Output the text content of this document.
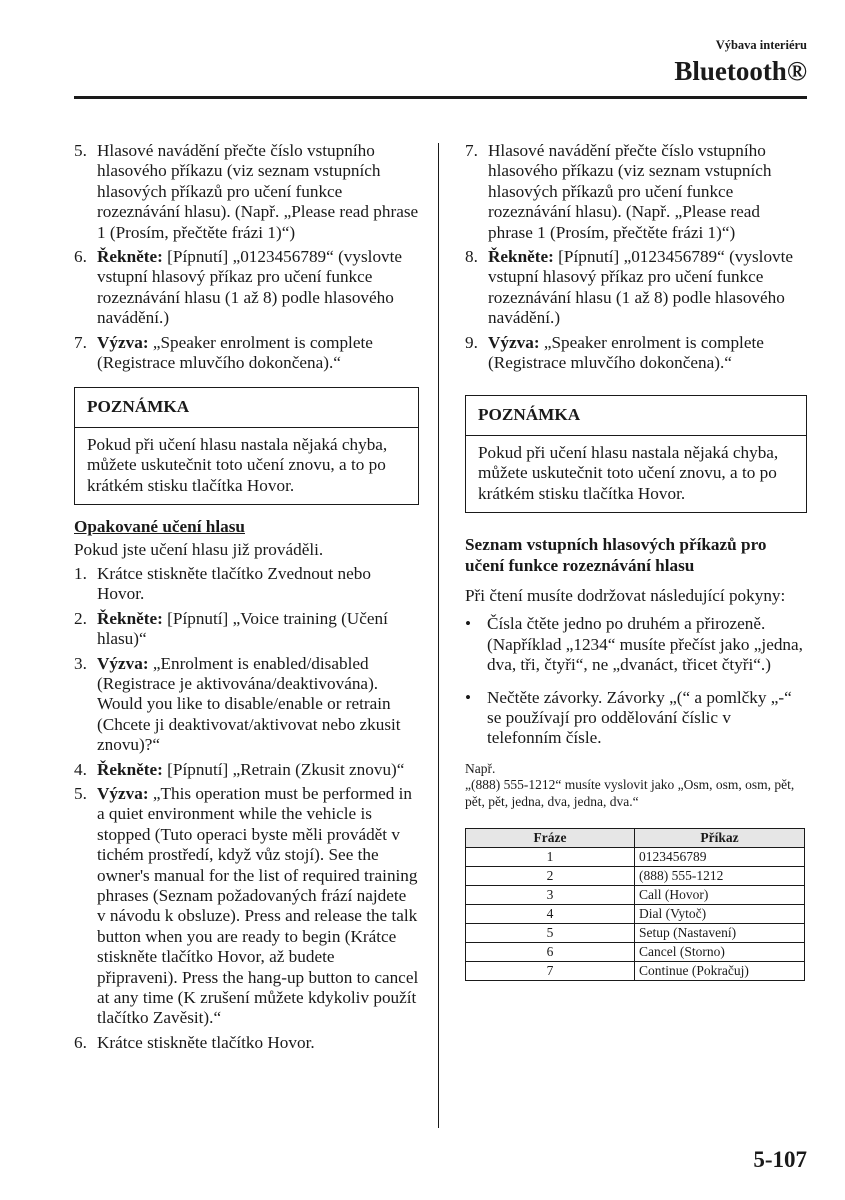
Výbava interiéru
Bluetooth®
5. Hlasové navádění přečte číslo vstupního hlasového příkazu (viz seznam vstupních hlasových příkazů pro učení funkce rozeznávání hlasu). (Např. „Please read phrase 1 (Prosím, přečtěte frázi 1)“)
6. Řekněte: [Pípnutí] „0123456789“ (vyslovte vstupní hlasový příkaz pro učení funkce rozeznávání hlasu (1 až 8) podle hlasového navádění.)
7. Výzva: „Speaker enrolment is complete (Registrace mluvčího dokončena).“
POZNÁMKA
Pokud při učení hlasu nastala nějaká chyba, můžete uskutečnit toto učení znovu, a to po krátkém stisku tlačítka Hovor.
Opakované učení hlasu
Pokud jste učení hlasu již prováděli.
1. Krátce stiskněte tlačítko Zvednout nebo Hovor.
2. Řekněte: [Pípnutí] „Voice training (Učení hlasu)“
3. Výzva: „Enrolment is enabled/disabled (Registrace je aktivována/deaktivována). Would you like to disable/enable or retrain (Chcete ji deaktivovat/aktivovat nebo zkusit znovu)?“
4. Řekněte: [Pípnutí] „Retrain (Zkusit znovu)“
5. Výzva: „This operation must be performed in a quiet environment while the vehicle is stopped (Tuto operaci byste měli provádět v tichém prostředí, když vůz stojí). See the owner's manual for the list of required training phrases (Seznam požadovaných frází najdete v návodu k obsluze). Press and release the talk button when you are ready to begin (Krátce stiskněte tlačítko Hovor, až budete připraveni). Press the hang-up button to cancel at any time (K zrušení můžete kdykoliv použít tlačítko Zavěsit).“
6. Krátce stiskněte tlačítko Hovor.
7. Hlasové navádění přečte číslo vstupního hlasového příkazu (viz seznam vstupních hlasových příkazů pro učení funkce rozeznávání hlasu). (Např. „Please read phrase 1 (Prosím, přečtěte frázi 1)“)
8. Řekněte: [Pípnutí] „0123456789“ (vyslovte vstupní hlasový příkaz pro učení funkce rozeznávání hlasu (1 až 8) podle hlasového navádění.)
9. Výzva: „Speaker enrolment is complete (Registrace mluvčího dokončena).“
POZNÁMKA
Pokud při učení hlasu nastala nějaká chyba, můžete uskutečnit toto učení znovu, a to po krátkém stisku tlačítka Hovor.
Seznam vstupních hlasových příkazů pro učení funkce rozeznávání hlasu
Při čtení musíte dodržovat následující pokyny:
• Čísla čtěte jedno po druhém a přirozeně. (Například „1234“ musíte přečíst jako „jedna, dva, tři, čtyři“, ne „dvanáct, třicet čtyři“.)
• Nečtěte závorky. Závorky „(“ a pomlčky „-“ se používají pro oddělování číslic v telefonním čísle.
Např.
„(888) 555-1212“ musíte vyslovit jako „Osm, osm, osm, pět, pět, pět, jedna, dva, jedna, dva.“
Fráze	Příkaz
1	0123456789
2	(888) 555-1212
3	Call (Hovor)
4	Dial (Vytoč)
5	Setup (Nastavení)
6	Cancel (Storno)
7	Continue (Pokračuj)
5-107
